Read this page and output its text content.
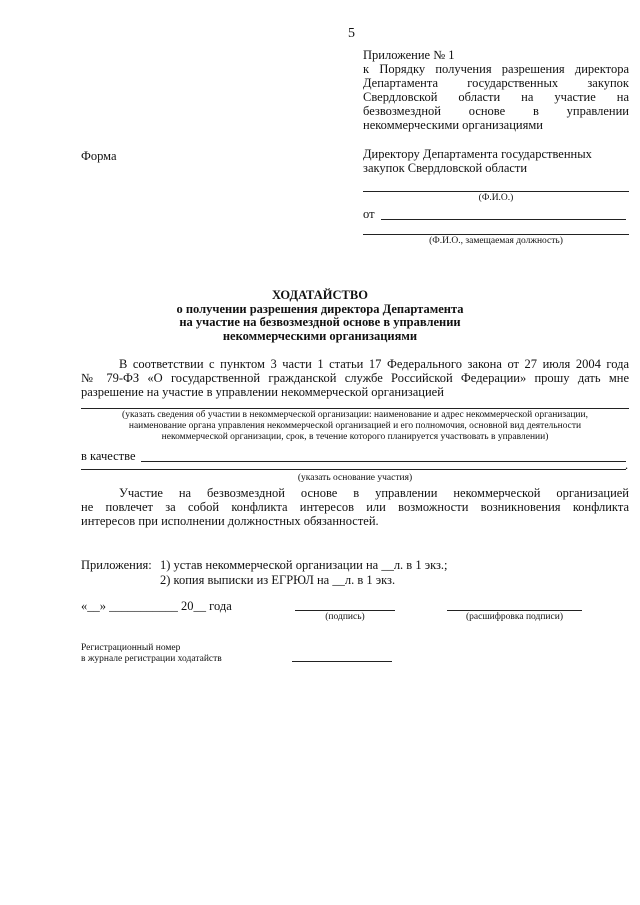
5
Приложение № 1
к Порядку получения разрешения директора
Департамента государственных закупок
Свердловской области на участие на
безвозмездной основе в управлении
некоммерческими организациями
Форма	Директору Департамента государственных
закупок Свердловской области
(Ф.И.О.)
от
(Ф.И.О., замещаемая должность)
ХОДАТАЙСТВО
о получении разрешения директора Департамента
на участие на безвозмездной основе в управлении
некоммерческими организациями
В соответствии с пунктом 3 части 1 статьи 17 Федерального закона от 27 июля 2004 года
№ 79-ФЗ «О государственной гражданской службе Российской Федерации» прошу дать мне
разрешение на участие в управлении некоммерческой организацией
(указать сведения об участии в некоммерческой организации: наименование и адрес некоммерческой организации,
наименование органа управления некоммерческой организацией и его полномочия, основной вид деятельности
некоммерческой организации, срок, в течение которого планируется участвовать в управлении)
в качестве
.
(указать основание участия)
Участие на безвозмездной основе в управлении некоммерческой организацией
не повлечет за собой конфликта интересов или возможности возникновения конфликта
интересов при исполнении должностных обязанностей.
Приложения: 1) устав некоммерческой организации на __л. в 1 экз.;
2) копия выписки из ЕГРЮЛ на __л. в 1 экз.
«__» ___________ 20__ года
(подпись)	(расшифровка подписи)
Регистрационный номер
в журнале регистрации ходатайств
